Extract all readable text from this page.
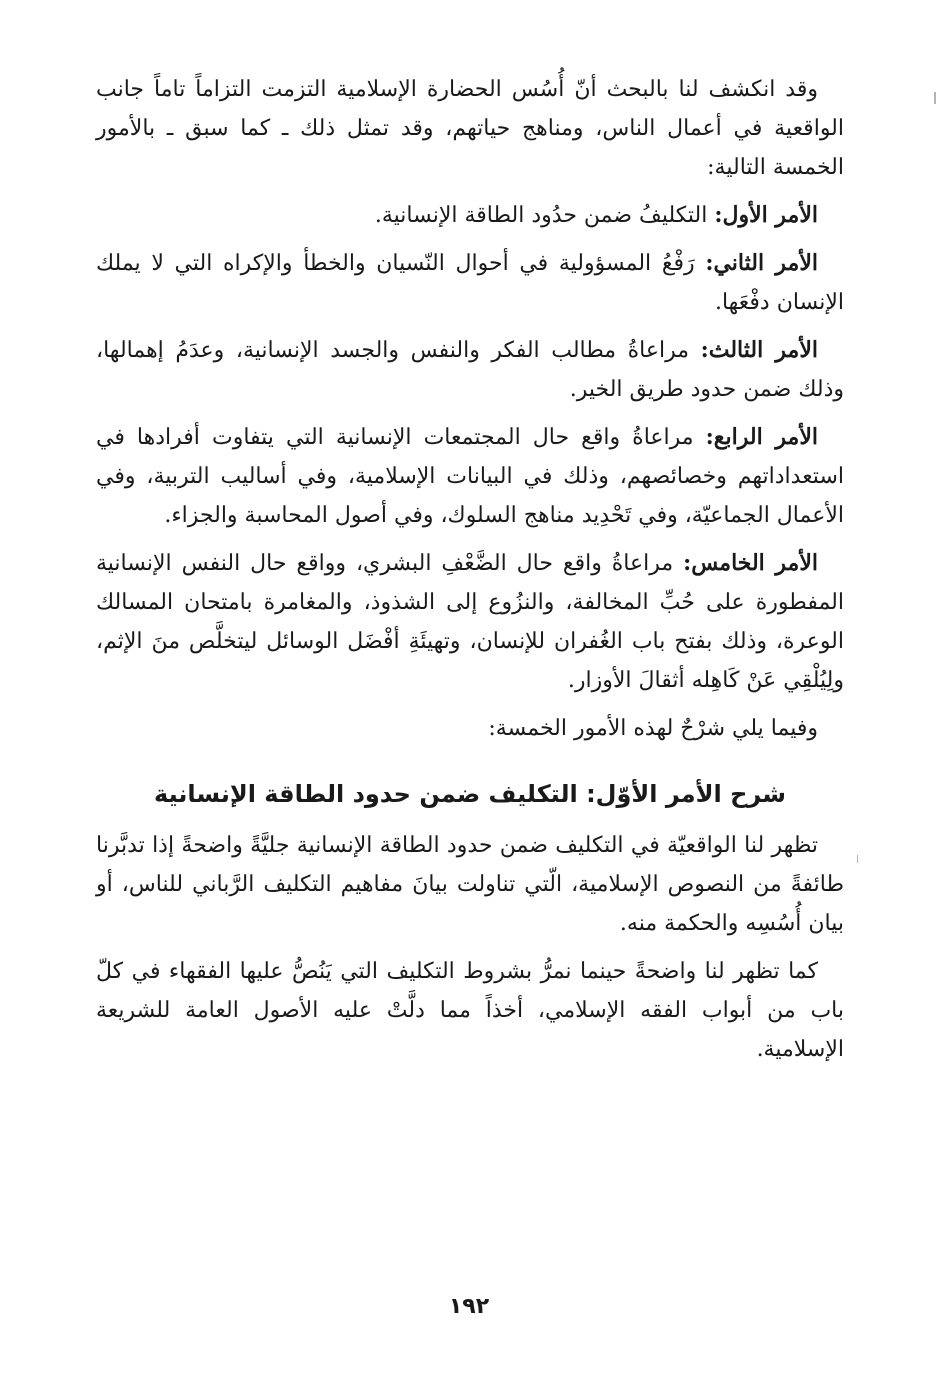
وقد انكشف لنا بالبحث أنّ أُسُس الحضارة الإسلامية التزمت التزاماً تاماً جانب الواقعية في أعمال الناس، ومناهج حياتهم، وقد تمثل ذلك ـ كما سبق ـ بالأمور الخمسة التالية:

الأمر الأول: التكليفُ ضمن حدُود الطاقة الإنسانية.

الأمر الثاني: رَفْعُ المسؤولية في أحوال النّسيان والخطأ والإكراه التي لا يملك الإنسان دفْعَها.

الأمر الثالث: مراعاةُ مطالب الفكر والنفس والجسد الإنسانية، وعدَمُ إهمالها، وذلك ضمن حدود طريق الخير.

الأمر الرابع: مراعاةُ واقع حال المجتمعات الإنسانية التي يتفاوت أفرادها في استعداداتهم وخصائصهم، وذلك في البيانات الإسلامية، وفي أساليب التربية، وفي الأعمال الجماعيّة، وفي تَحْدِيد مناهج السلوك، وفي أصول المحاسبة والجزاء.

الأمر الخامس: مراعاةُ واقع حال الضَّعْفِ البشري، وواقع حال النفس الإنسانية المفطورة على حُبِّ المخالفة، والنزُوع إلى الشذوذ، والمغامرة بامتحان المسالك الوعرة، وذلك بفتح باب الغُفران للإنسان، وتهيئَةِ أفْضَل الوسائل ليتخلَّص منَ الإثم، ولِيُلْقِي عَنْ كَاهِله أثقالَ الأوزار.

وفيما يلي شرْحٌ لهذه الأمور الخمسة:

شرح الأمر الأوّل: التكليف ضمن حدود الطاقة الإنسانية

تظهر لنا الواقعيّة في التكليف ضمن حدود الطاقة الإنسانية جليَّةً واضحةً إذا تدبَّرنا طائفةً من النصوص الإسلامية، الّتي تناولت بيانَ مفاهيم التكليف الرَّباني للناس، أو بيان أُسُسِه والحكمة منه.

كما تظهر لنا واضحةً حينما نمرُّ بشروط التكليف التي يَنُصُّ عليها الفقهاء في كلّ باب من أبواب الفقه الإسلامي، أخذاً مما دلَّتْ عليه الأصول العامة للشريعة الإسلامية.

١٩٢
